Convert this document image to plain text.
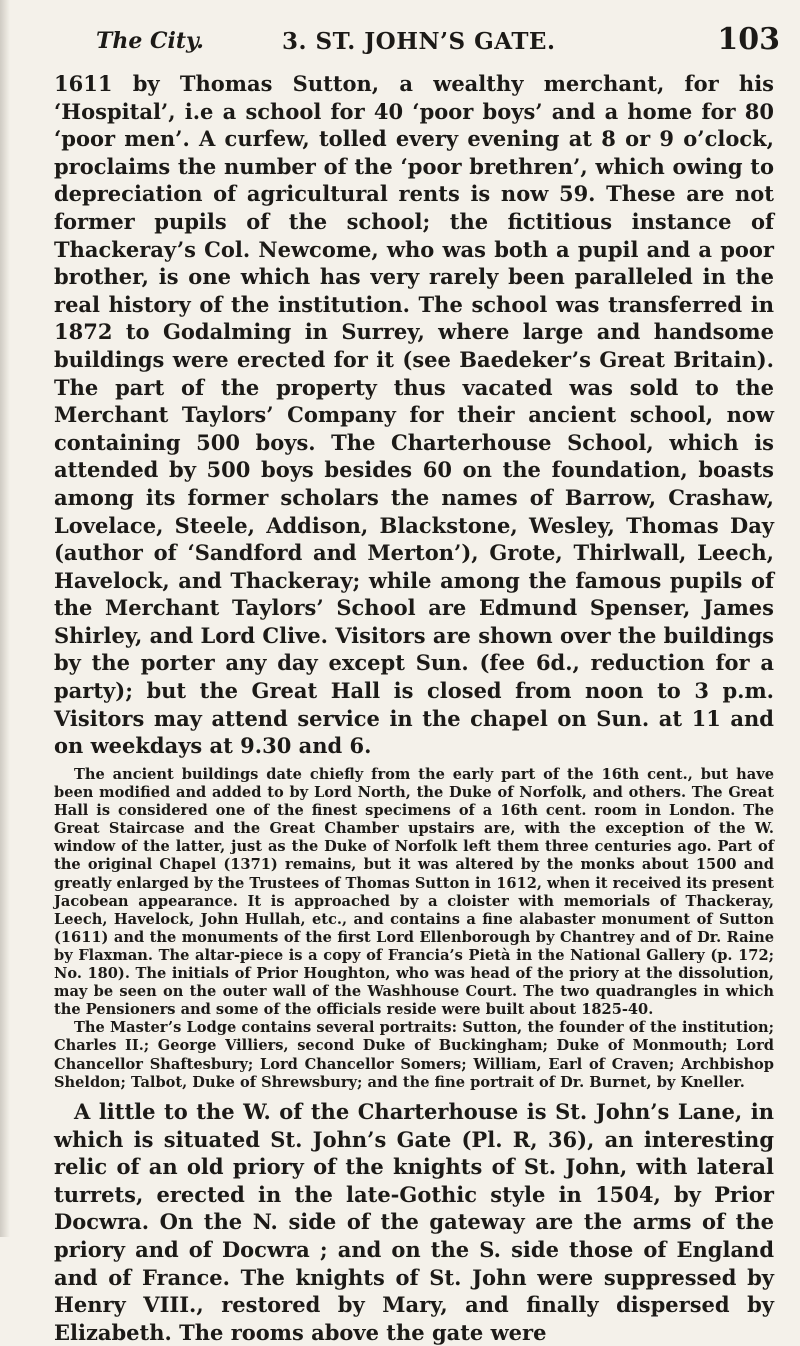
The City.	3. ST. JOHN’S GATE.	103

1611 by Thomas Sutton, a wealthy merchant, for his ‘Hospital’, i.e a school for 40 ‘poor boys’ and a home for 80 ‘poor men’. A curfew, tolled every evening at 8 or 9 o’clock, proclaims the number of the ‘poor brethren’, which owing to depreciation of agricultural rents is now 59. These are not former pupils of the school; the fictitious instance of Thackeray’s Col. Newcome, who was both a pupil and a poor brother, is one which has very rarely been paralleled in the real history of the institution. The school was transferred in 1872 to Godalming in Surrey, where large and handsome buildings were erected for it (see Baedeker’s Great Britain). The part of the property thus vacated was sold to the Merchant Taylors’ Company for their ancient school, now containing 500 boys. The Charterhouse School, which is attended by 500 boys besides 60 on the foundation, boasts among its former scholars the names of Barrow, Crashaw, Lovelace, Steele, Addison, Blackstone, Wesley, Thomas Day (author of ‘Sandford and Merton’), Grote, Thirlwall, Leech, Havelock, and Thackeray; while among the famous pupils of the Merchant Taylors’ School are Edmund Spenser, James Shirley, and Lord Clive. Visitors are shown over the buildings by the porter any day except Sun. (fee 6d., reduction for a party); but the Great Hall is closed from noon to 3 p.m. Visitors may attend service in the chapel on Sun. at 11 and on weekdays at 9.30 and 6.

The ancient buildings date chiefly from the early part of the 16th cent., but have been modified and added to by Lord North, the Duke of Norfolk, and others. The Great Hall is considered one of the finest specimens of a 16th cent. room in London. The Great Staircase and the Great Chamber upstairs are, with the exception of the W. window of the latter, just as the Duke of Norfolk left them three centuries ago. Part of the original Chapel (1371) remains, but it was altered by the monks about 1500 and greatly enlarged by the Trustees of Thomas Sutton in 1612, when it received its present Jacobean appearance. It is approached by a cloister with memorials of Thackeray, Leech, Havelock, John Hullah, etc., and contains a fine alabaster monument of Sutton (1611) and the monuments of the first Lord Ellenborough by Chantrey and of Dr. Raine by Flaxman. The altar-piece is a copy of Francia’s Pietà in the National Gallery (p. 172; No. 180). The initials of Prior Houghton, who was head of the priory at the dissolution, may be seen on the outer wall of the Washhouse Court. The two quadrangles in which the Pensioners and some of the officials reside were built about 1825-40.

The Master’s Lodge contains several portraits: Sutton, the founder of the institution; Charles II.; George Villiers, second Duke of Buckingham; Duke of Monmouth; Lord Chancellor Shaftesbury; Lord Chancellor Somers; William, Earl of Craven; Archbishop Sheldon; Talbot, Duke of Shrewsbury; and the fine portrait of Dr. Burnet, by Kneller.

A little to the W. of the Charterhouse is St. John’s Lane, in which is situated St. John’s Gate (Pl. R, 36), an interesting relic of an old priory of the knights of St. John, with lateral turrets, erected in the late-Gothic style in 1504, by Prior Docwra. On the N. side of the gateway are the arms of the priory and of Docwra ; and on the S. side those of England and of France. The knights of St. John were suppressed by Henry VIII., restored by Mary, and finally dispersed by Elizabeth. The rooms above the gate were
